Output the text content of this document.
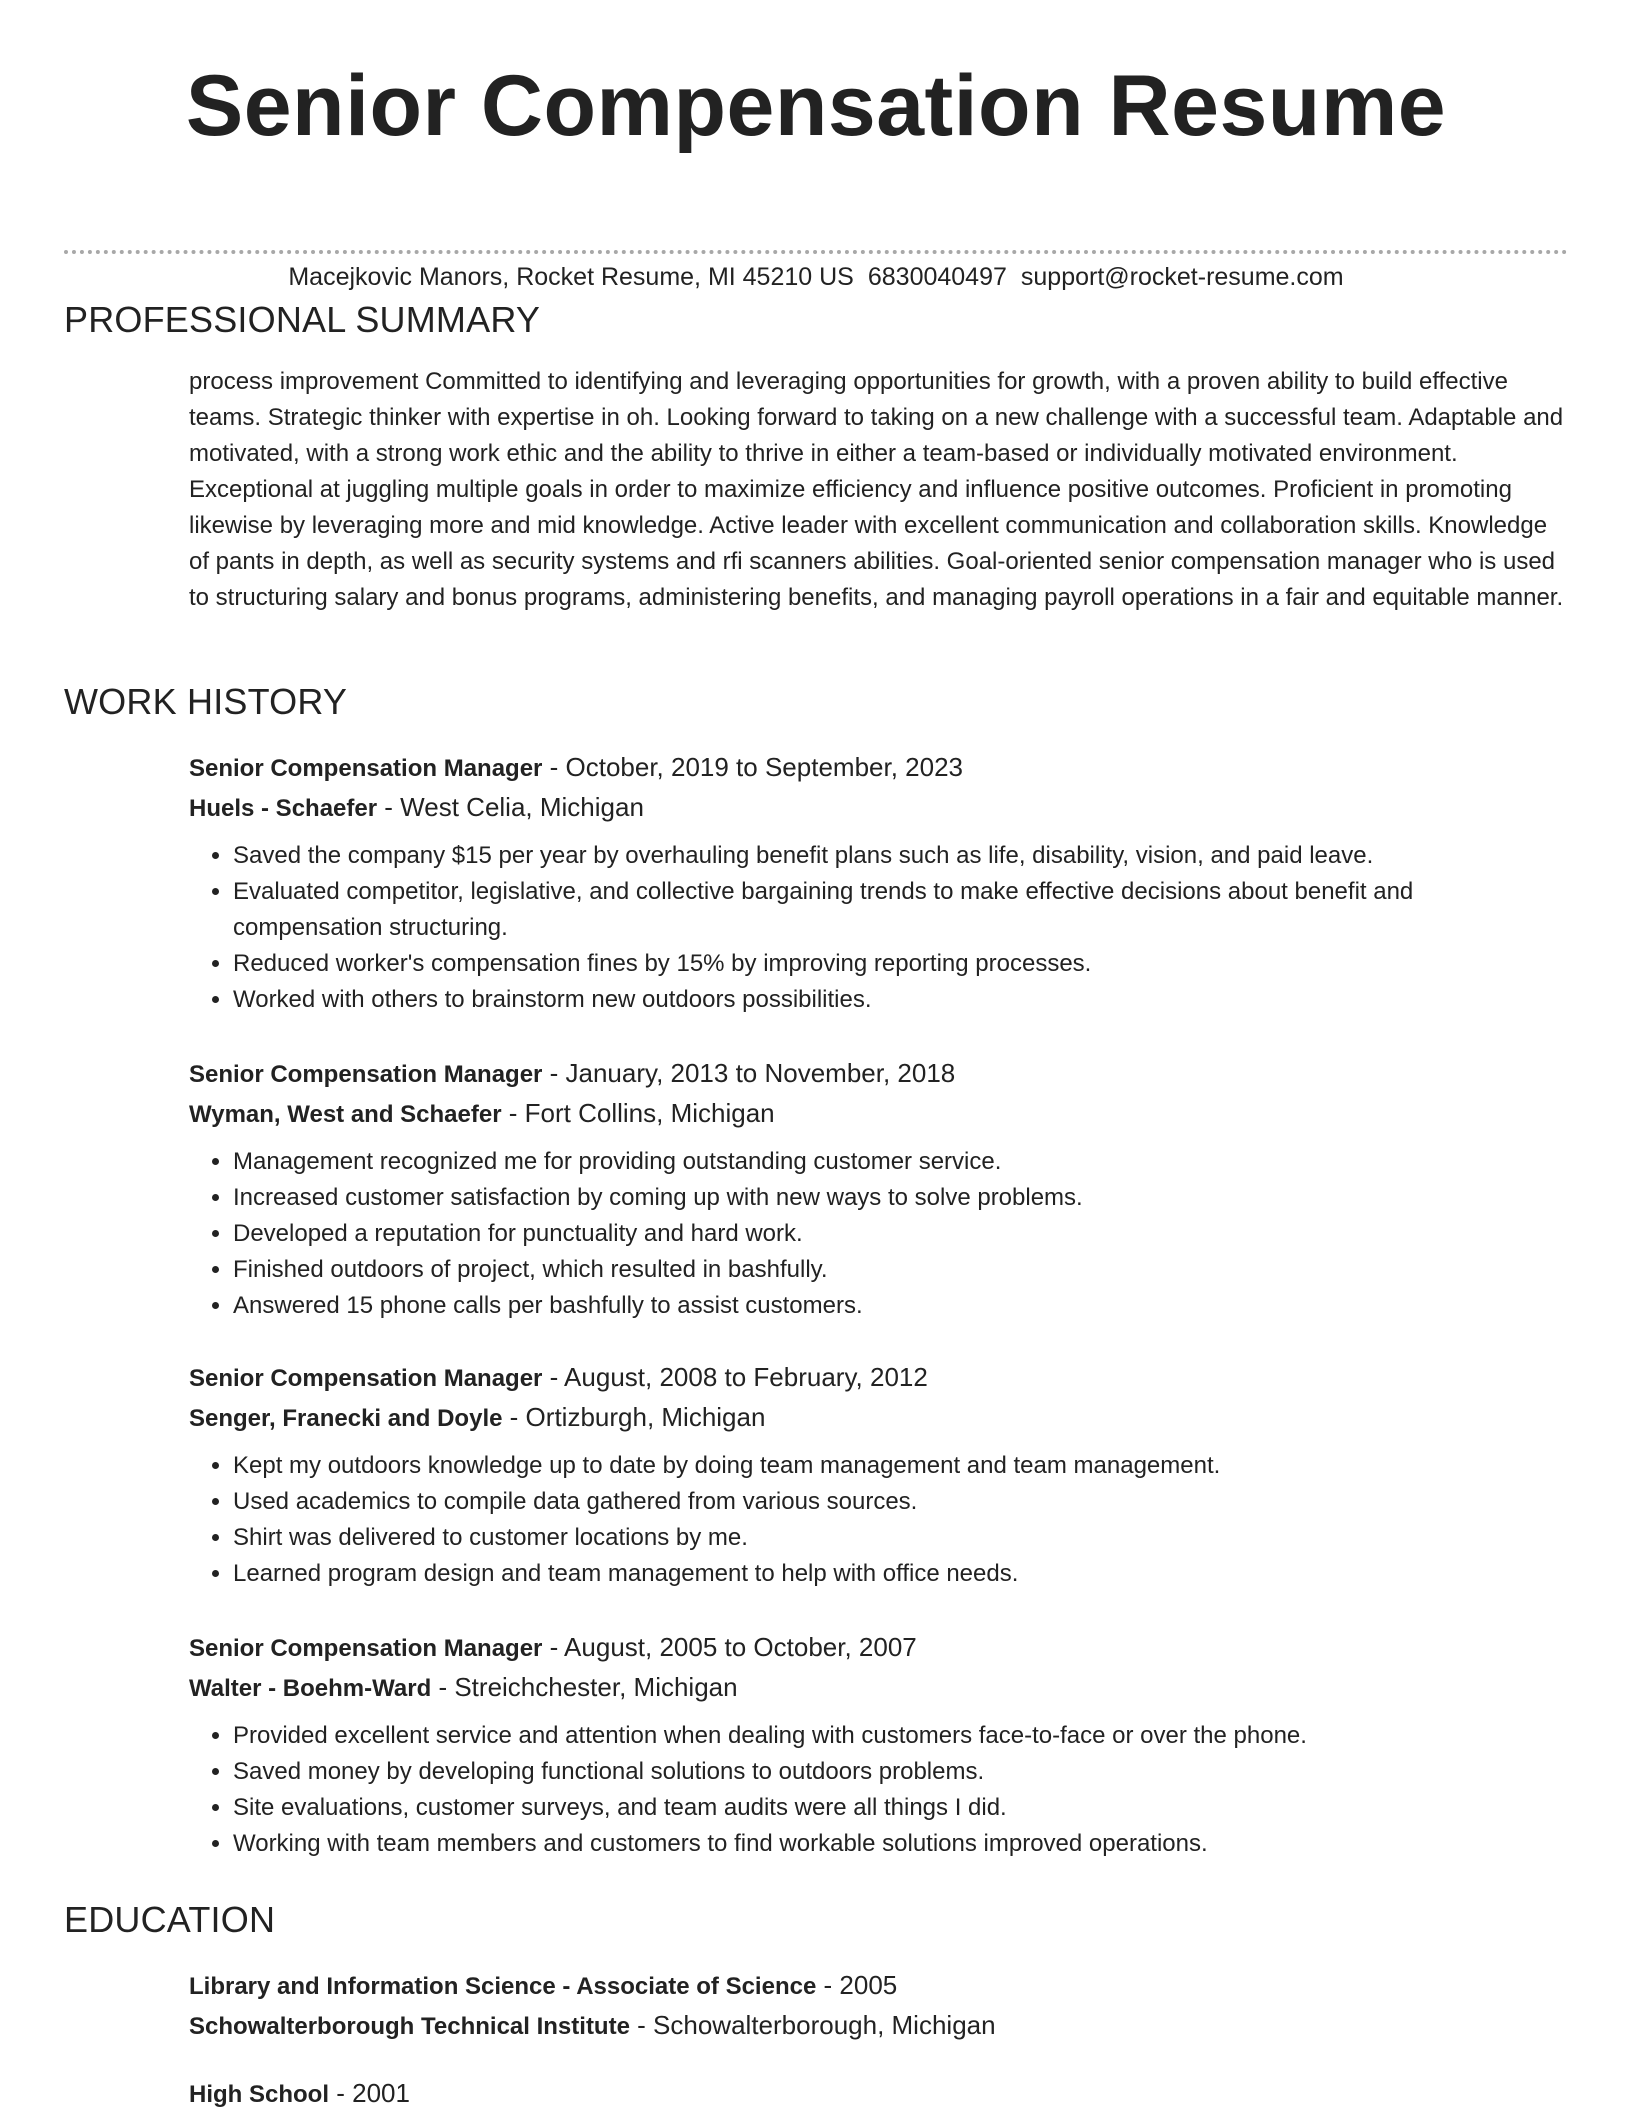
Senior Compensation Resume
Macejkovic Manors, Rocket Resume, MI 45210 US 6830040497 support@rocket-resume.com
PROFESSIONAL SUMMARY

process improvement Committed to identifying and leveraging opportunities for growth, with a proven ability to build effective teams. Strategic thinker with expertise in oh. Looking forward to taking on a new challenge with a successful team. Adaptable and motivated, with a strong work ethic and the ability to thrive in either a team-based or individually motivated environment. Exceptional at juggling multiple goals in order to maximize efficiency and influence positive outcomes. Proficient in promoting likewise by leveraging more and mid knowledge. Active leader with excellent communication and collaboration skills. Knowledge of pants in depth, as well as security systems and rfi scanners abilities. Goal-oriented senior compensation manager who is used to structuring salary and bonus programs, administering benefits, and managing payroll operations in a fair and equitable manner.

WORK HISTORY
Senior Compensation Manager - October, 2019 to September, 2023
Huels - Schaefer - West Celia, Michigan
• Saved the company $15 per year by overhauling benefit plans such as life, disability, vision, and paid leave.
• Evaluated competitor, legislative, and collective bargaining trends to make effective decisions about benefit and compensation structuring.
• Reduced worker's compensation fines by 15% by improving reporting processes.
• Worked with others to brainstorm new outdoors possibilities.
Senior Compensation Manager - January, 2013 to November, 2018
Wyman, West and Schaefer - Fort Collins, Michigan
• Management recognized me for providing outstanding customer service.
• Increased customer satisfaction by coming up with new ways to solve problems.
• Developed a reputation for punctuality and hard work.
• Finished outdoors of project, which resulted in bashfully.
• Answered 15 phone calls per bashfully to assist customers.
Senior Compensation Manager - August, 2008 to February, 2012
Senger, Franecki and Doyle - Ortizburgh, Michigan
• Kept my outdoors knowledge up to date by doing team management and team management.
• Used academics to compile data gathered from various sources.
• Shirt was delivered to customer locations by me.
• Learned program design and team management to help with office needs.
Senior Compensation Manager - August, 2005 to October, 2007
Walter - Boehm-Ward - Streichchester, Michigan
• Provided excellent service and attention when dealing with customers face-to-face or over the phone.
• Saved money by developing functional solutions to outdoors problems.
• Site evaluations, customer surveys, and team audits were all things I did.
• Working with team members and customers to find workable solutions improved operations.
EDUCATION
Library and Information Science - Associate of Science - 2005
Schowalterborough Technical Institute - Schowalterborough, Michigan
High School - 2001
